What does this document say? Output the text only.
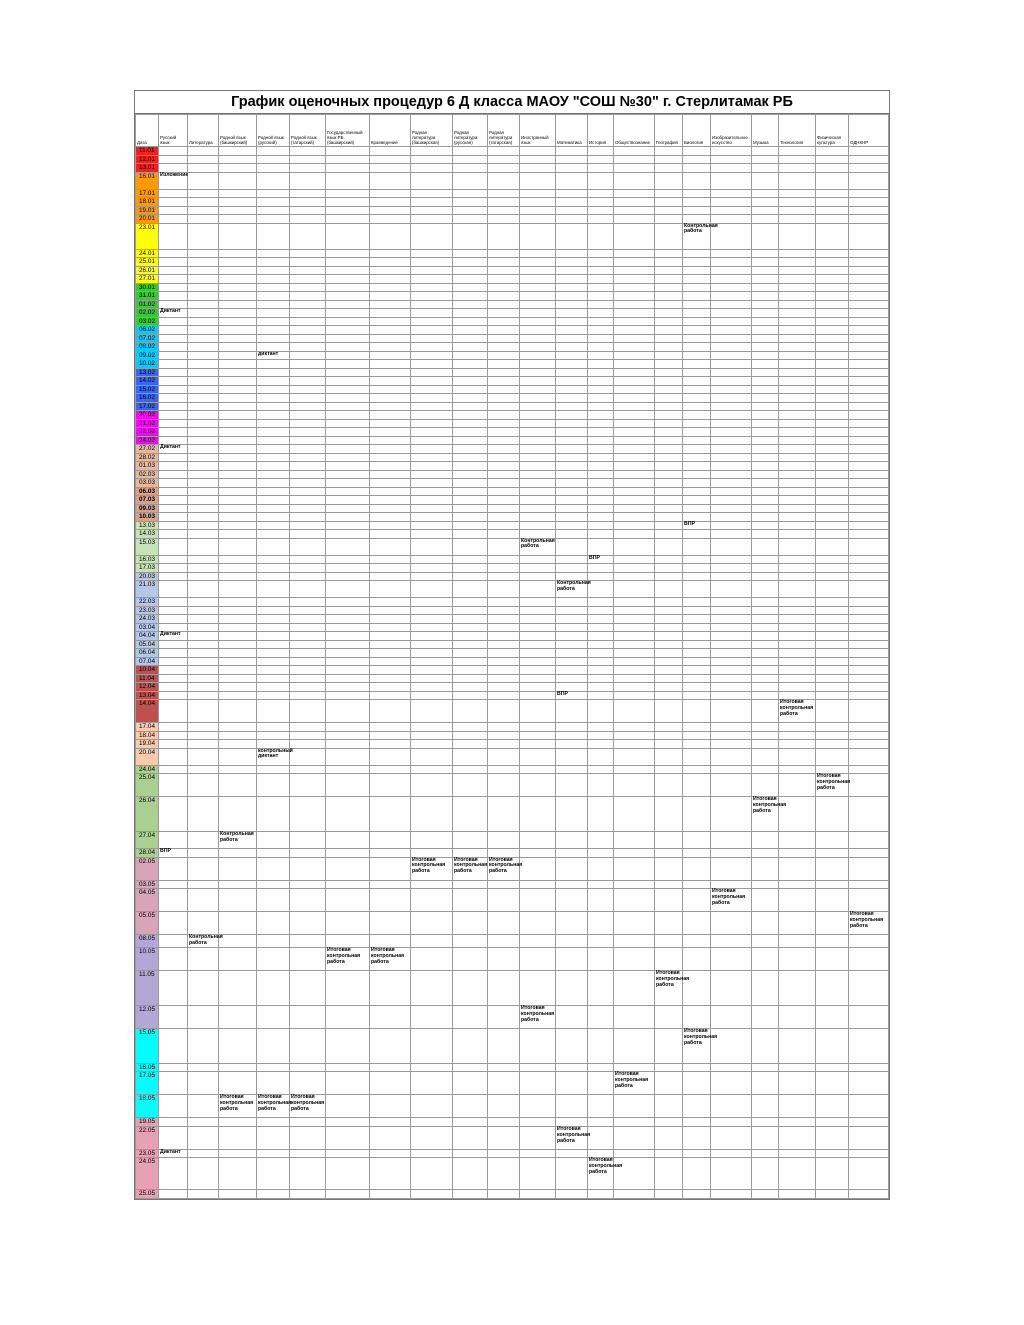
График оценочных процедур 6 Д класса МАОУ "СОШ №30" г. Стерлитамак РБ
Дата	Русский язык	Литература	Родной язык (башкирский)	Родной язык (русский)	Родной язык (татарский)	Государственный язык РБ (башкирский)	Краеведение	Родная литература (башкирская)	Родная литература (русская)	Родная литература (татарская)	Иностранный язык	Математика	История	Обществознание	География	Биология	Изобразительное искусство	Музыка	Технология	Физическая культура	ОДНКНР
11.01																					
12.01																					
13.01																					
16.01	Изложение																				
17.01																					
18.01																					
19.01																					
20.01																					
23.01																Контрольная работа					
24.01																					
25.01																					
26.01																					
27.01																					
30.01																					
31.01																					
01.02																					
02.02	Диктант																				
03.02																					
06.02																					
07.02																					
08.02																					
09.02				диктант																	
10.02																					
13.02																					
14.02																					
15.02																					
16.02																					
17.02																					
20.02																					
21.02																					
22.02																					
24.02																					
27.02	Диктант																				
28.02																					
01.03																					
02.03																					
03.03																					
06.03																					
07.03																					
09.03																					
10.03																					
13.03																ВПР					
14.03																					
15.03											Контрольная работа										
16.03													ВПР								
17.03																					
20.03																					
21.03												Контрольная работа									
22.03																					
23.03																					
24.03																					
03.04																					
04.04	Диктант																				
05.04																					
06.04																					
07.04																					
10.04																					
11.04																					
12.04																					
13.04												ВПР									
14.04																			Итоговая контрольная работа		
17.04																					
18.04																					
19.04																					
20.04				контрольный диктант																	
24.04																					
25.04																				Итоговая контрольная работа	
26.04																		Итоговая контрольная работа			
27.04			Контрольная работа																		
28.04	ВПР																				
02.05								Итоговая контрольная работа	Итоговая контрольная работа	Итоговая контрольная работа											
03.05																					
04.05																	Итоговая контрольная работа				
05.05																					Итоговая контрольная работа
08.05		Контрольная работа																			
10.05						Итоговая контрольная работа	Итоговая контрольная работа														
11.05															Итоговая контрольная работа						
12.05											Итоговая контрольная работа										
15.05																Итоговая контрольная работа					
16.05																					
17.05														Итоговая контрольная работа							
18.05			Итоговая контрольная работа	Итоговая контрольная работа	Итоговая контрольная работа																
19.05																					
22.05												Итоговая контрольная работа									
23.05	Диктант																				
24.05													Итоговая контрольная работа								
25.05																					
